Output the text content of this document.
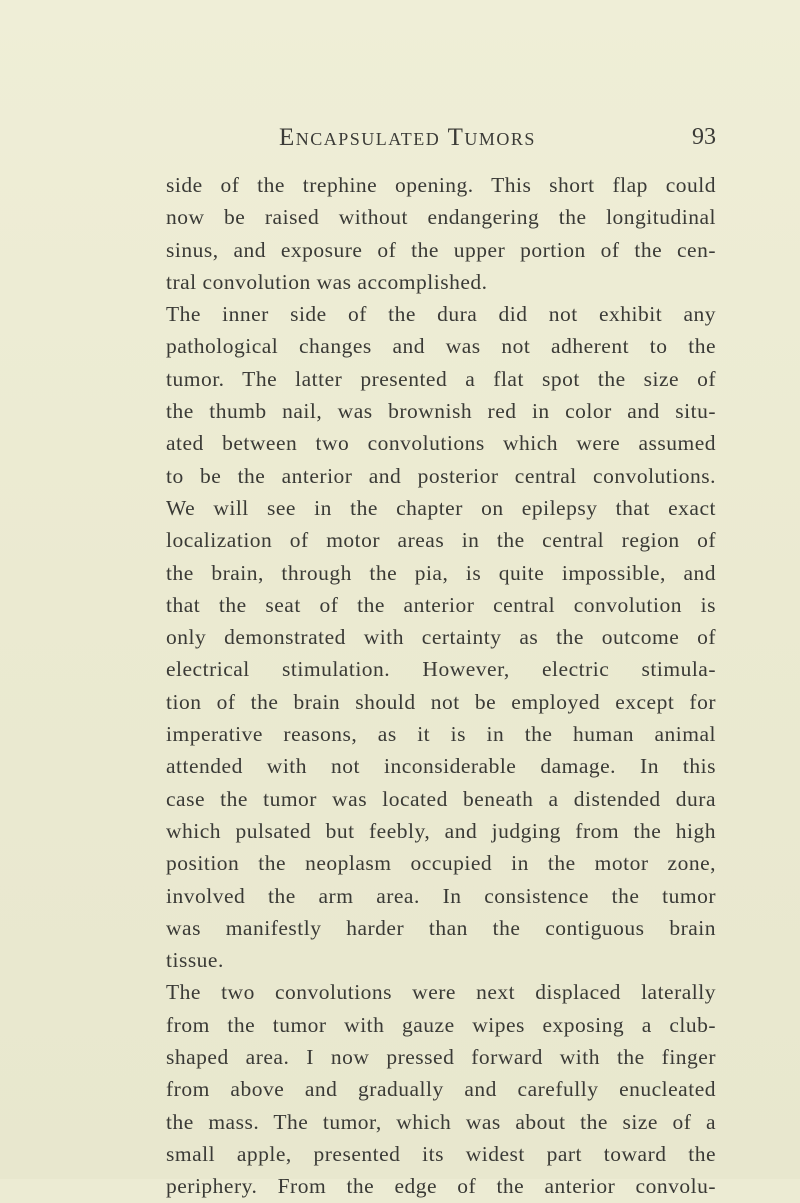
Encapsulated Tumors	93
side of the trephine opening. This short flap could
now be raised without endangering the longitudinal
sinus, and exposure of the upper portion of the cen-
tral convolution was accomplished.
The inner side of the dura did not exhibit any
pathological changes and was not adherent to the
tumor. The latter presented a flat spot the size of
the thumb nail, was brownish red in color and situ-
ated between two convolutions which were assumed
to be the anterior and posterior central convolutions.
We will see in the chapter on epilepsy that exact
localization of motor areas in the central region of
the brain, through the pia, is quite impossible, and
that the seat of the anterior central convolution is
only demonstrated with certainty as the outcome of
electrical stimulation. However, electric stimula-
tion of the brain should not be employed except for
imperative reasons, as it is in the human animal
attended with not inconsiderable damage. In this
case the tumor was located beneath a distended dura
which pulsated but feebly, and judging from the high
position the neoplasm occupied in the motor zone,
involved the arm area. In consistence the tumor
was manifestly harder than the contiguous brain
tissue.
The two convolutions were next displaced laterally
from the tumor with gauze wipes exposing a club-
shaped area. I now pressed forward with the finger
from above and gradually and carefully enucleated
the mass. The tumor, which was about the size of a
small apple, presented its widest part toward the
periphery. From the edge of the anterior convolu-
